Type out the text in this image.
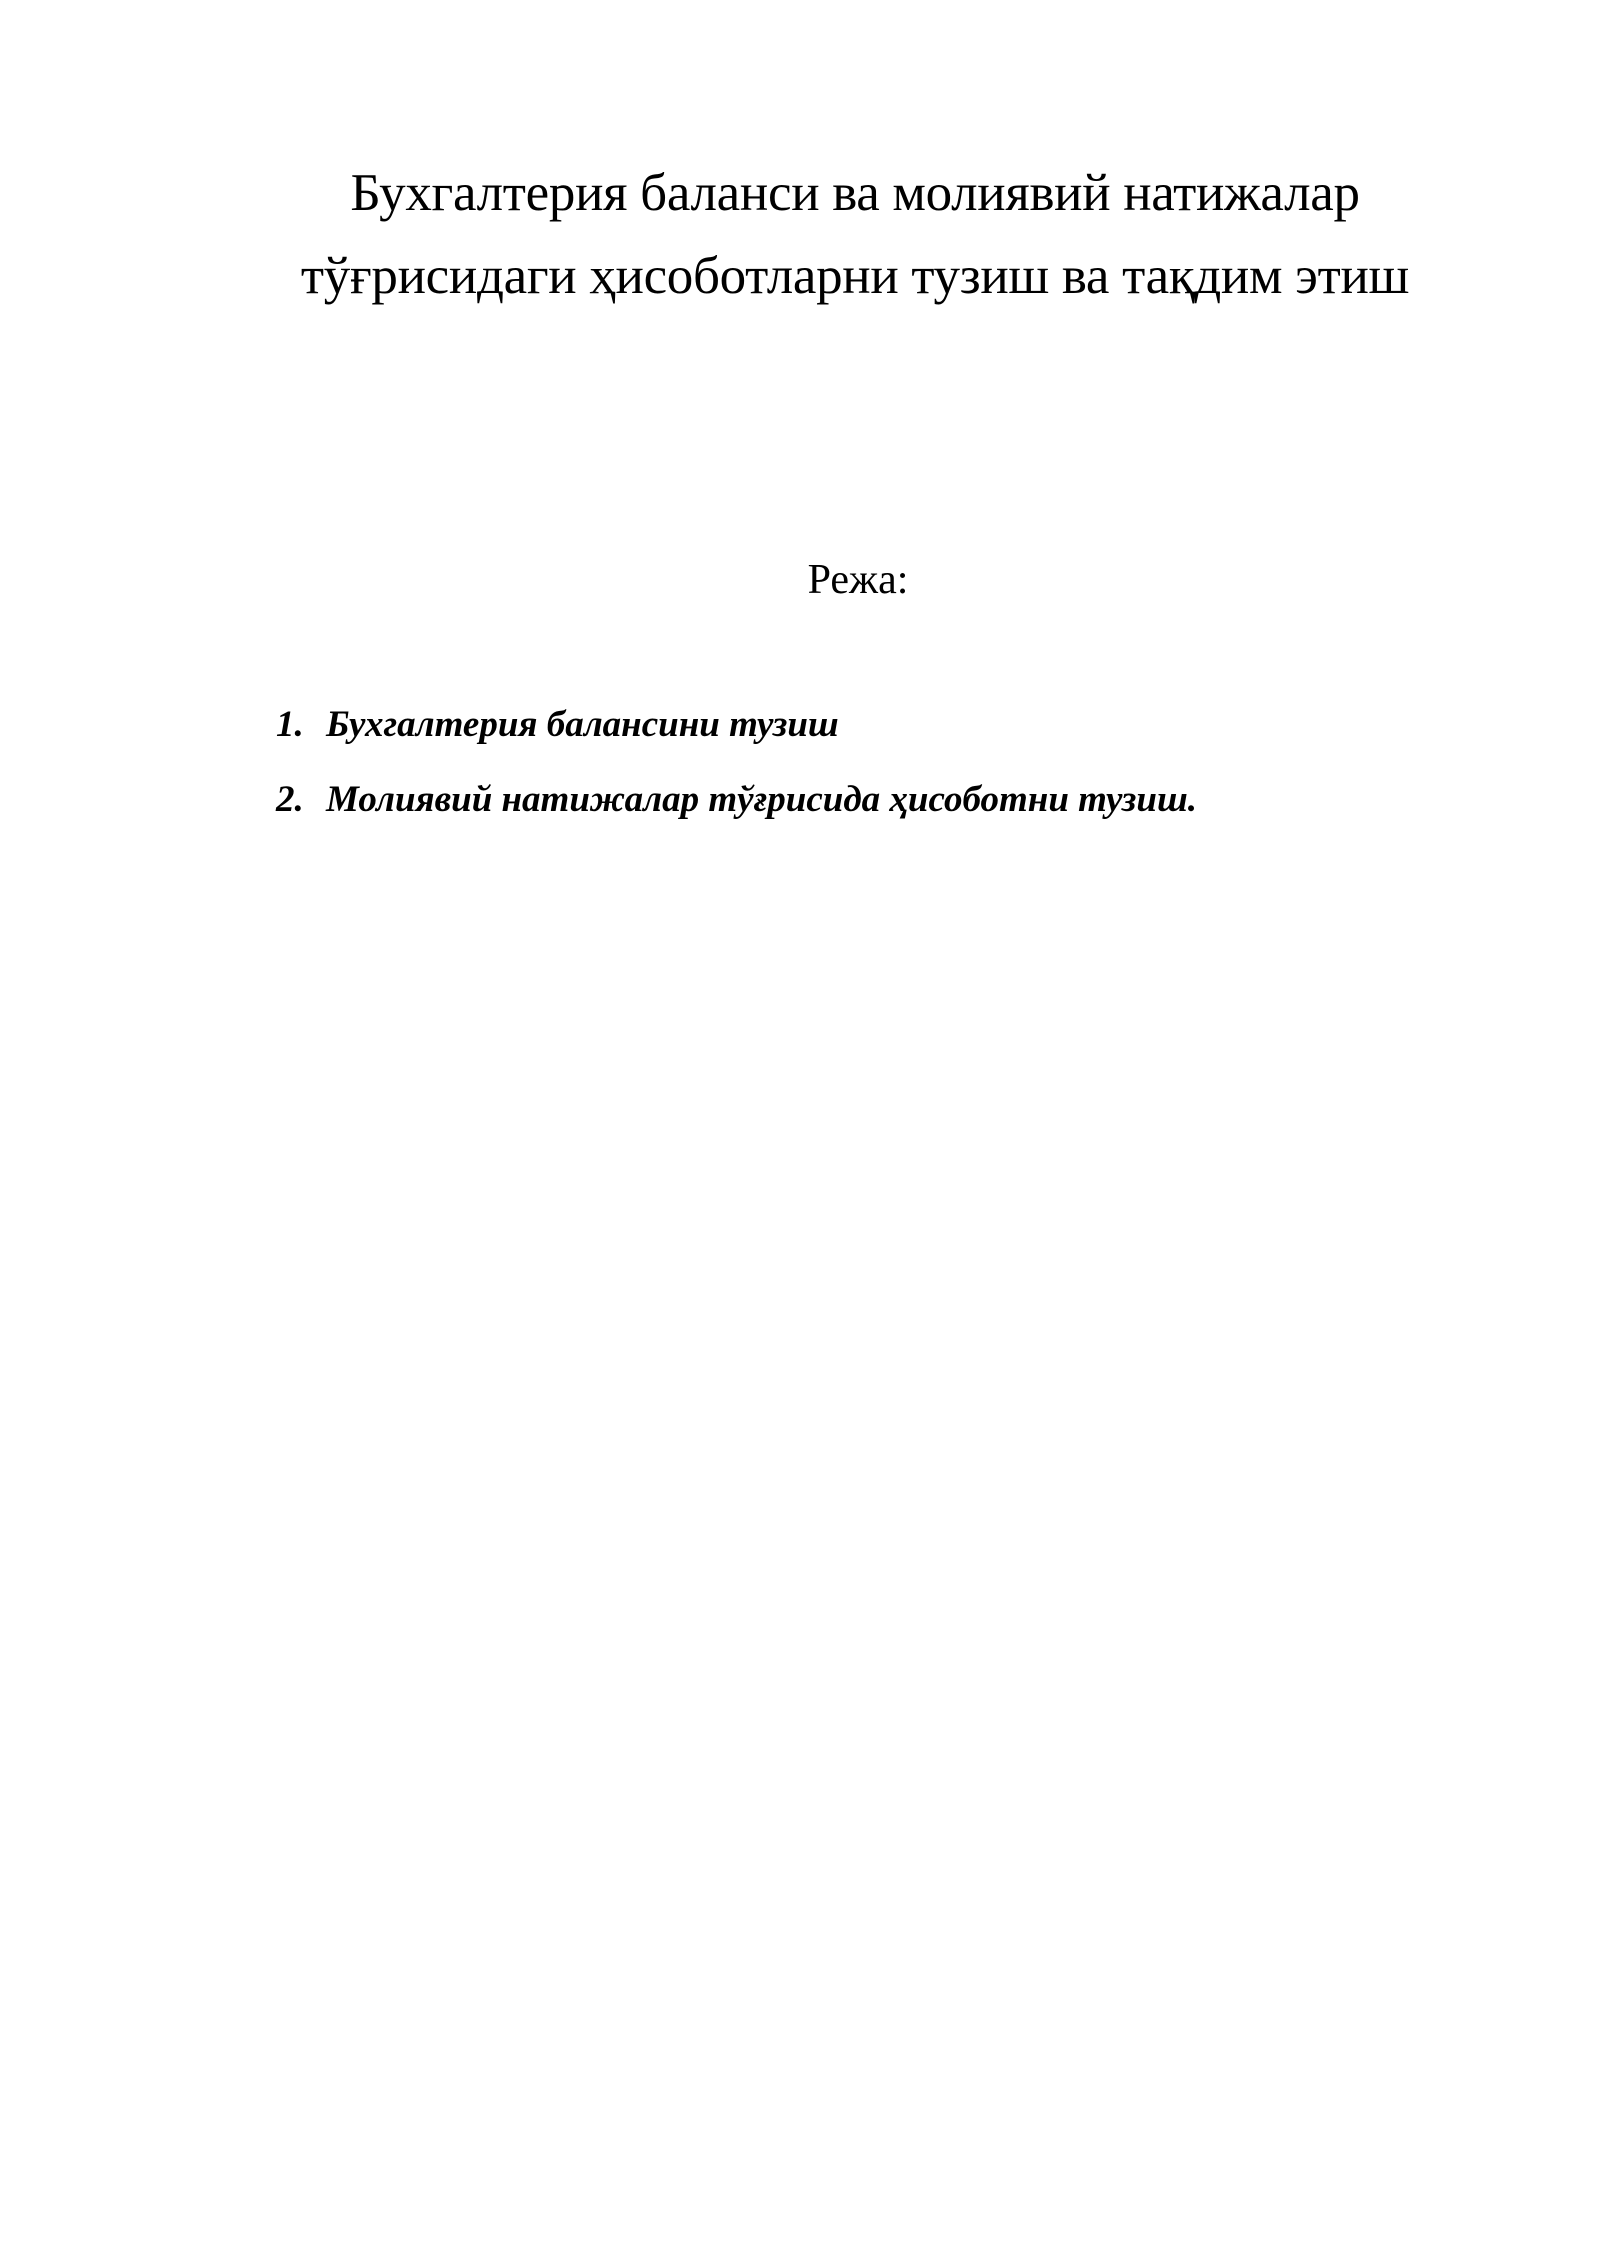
Бухгалтерия баланси ва молиявий натижалар
тўғрисидаги ҳисоботларни тузиш ва тақдим этиш
Режа:
1. Бухгалтерия балансини тузиш
2. Молиявий натижалар тўғрисида ҳисоботни тузиш.
